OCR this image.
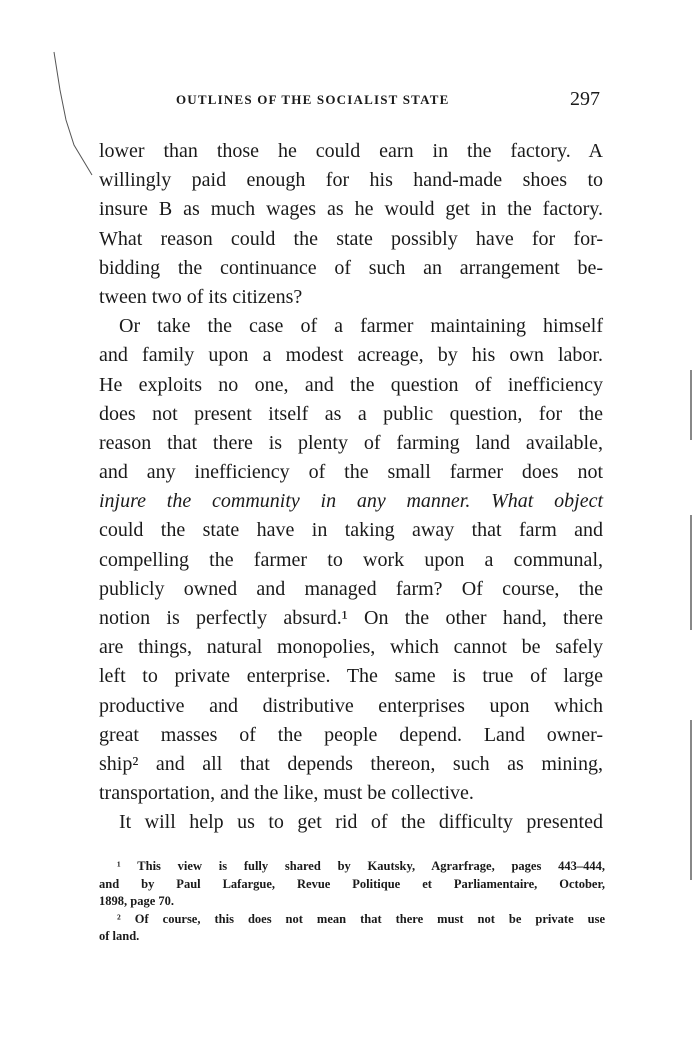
OUTLINES OF THE SOCIALIST STATE	297
lower than those he could earn in the factory. A
willingly paid enough for his hand-made shoes to
insure B as much wages as he would get in the factory.
What reason could the state possibly have for for-
bidding the continuance of such an arrangement be-
tween two of its citizens?
Or take the case of a farmer maintaining himself
and family upon a modest acreage, by his own labor.
He exploits no one, and the question of inefficiency
does not present itself as a public question, for the
reason that there is plenty of farming land available,
and any inefficiency of the small farmer does not
injure the community in any manner. What object
could the state have in taking away that farm and
compelling the farmer to work upon a communal,
publicly owned and managed farm? Of course, the
notion is perfectly absurd.¹ On the other hand, there
are things, natural monopolies, which cannot be safely
left to private enterprise. The same is true of large
productive and distributive enterprises upon which
great masses of the people depend. Land owner-
ship² and all that depends thereon, such as mining,
transportation, and the like, must be collective.
It will help us to get rid of the difficulty presented
¹ This view is fully shared by Kautsky, Agrarfrage, pages 443–444,
and by Paul Lafargue, Revue Politique et Parliamentaire, October,
1898, page 70.
² Of course, this does not mean that there must not be private use
of land.
